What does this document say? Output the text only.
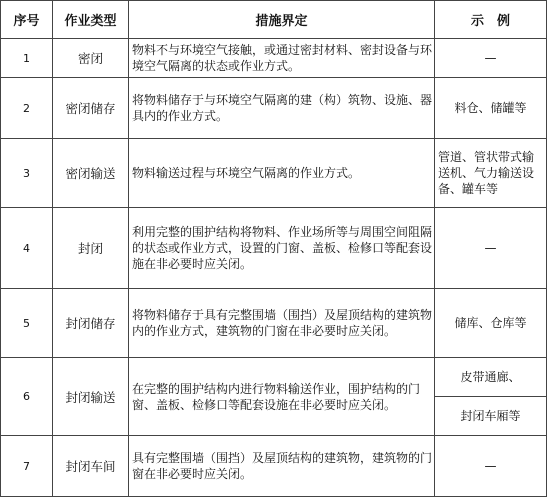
序号	作业类型	措施界定	示　例
1	密闭	物料不与环境空气接触，或通过密封材料、密封设备与环境空气隔离的状态或作业方式。	—
2	密闭储存	将物料储存于与环境空气隔离的建（构）筑物、设施、器具内的作业方式。	料仓、储罐等
3	密闭输送	物料输送过程与环境空气隔离的作业方式。	管道、管状带式输送机、气力输送设备、罐车等
4	封闭	利用完整的围护结构将物料、作业场所等与周围空间阻隔的状态或作业方式，设置的门窗、盖板、检修口等配套设施在非必要时应关闭。	—
5	封闭储存	将物料储存于具有完整围墙（围挡）及屋顶结构的建筑物内的作业方式，建筑物的门窗在非必要时应关闭。	储库、仓库等
6	封闭输送	在完整的围护结构内进行物料输送作业，围护结构的门窗、盖板、检修口等配套设施在非必要时应关闭。	皮带通廊、
			封闭车厢等
7	封闭车间	具有完整围墙（围挡）及屋顶结构的建筑物，建筑物的门窗在非必要时应关闭。	—
